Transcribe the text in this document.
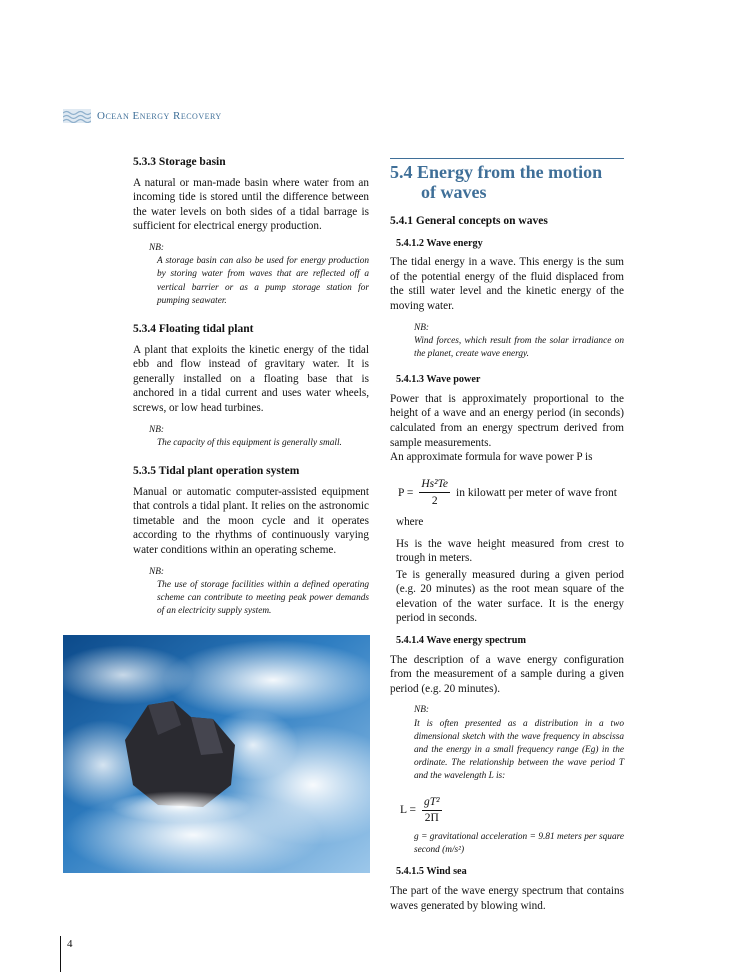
Ocean Energy Recovery
5.3.3 Storage basin
A natural or man-made basin where water from an incoming tide is stored until the difference between the water levels on both sides of a tidal barrage is sufficient for electrical energy production.
NB:
A storage basin can also be used for energy production by storing water from waves that are reflected off a vertical barrier or as a pump storage station for pumping seawater.
5.3.4 Floating tidal plant
A plant that exploits the kinetic energy of the tidal ebb and flow instead of gravitary water. It is generally installed on a floating base that is anchored in a tidal current and uses water wheels, screws, or low head turbines.
NB:
The capacity of this equipment is generally small.
5.3.5 Tidal plant operation system
Manual or automatic computer-assisted equipment that controls a tidal plant. It relies on the astronomic timetable and the moon cycle and it operates according to the rhythms of continuously varying water conditions within an operating scheme.
NB:
The use of storage facilities within a defined operating scheme can contribute to meeting peak power demands of an electricity supply system.
5.4 Energy from the motion
of waves
5.4.1 General concepts on waves
5.4.1.2 Wave energy
The tidal energy in a wave. This energy is the sum of the potential energy of the fluid displaced from the still water level and the kinetic energy of the moving water.
NB:
Wind forces, which result from the solar irradiance on the planet, create wave energy.
5.4.1.3 Wave power
Power that is approximately proportional to the height of a wave and an energy period (in seconds) calculated from an energy spectrum derived from sample measurements.
An approximate formula for wave power P is
$P = \frac{\text{Hs²Te}}{2}$ in kilowatt per meter of wave front
where
Hs is the wave height measured from crest to trough in meters.
Te is generally measured during a given period (e.g. 20 minutes) as the root mean square of the elevation of the water surface. It is the energy period in seconds.
5.4.1.4 Wave energy spectrum
The description of a wave energy configuration from the measurement of a sample during a given period (e.g. 20 minutes).
NB:
It is often presented as a distribution in a two dimensional sketch with the wave frequency in abscissa and the energy in a small frequency range (Eg) in the ordinate. The relationship between the wave period T and the wavelength L is:
$L = \frac{\text{gT²}}{2\Pi}$
g = gravitational acceleration = 9.81 meters per square second (m/s²)
5.4.1.5 Wind sea
The part of the wave energy spectrum that contains waves generated by blowing wind.
4
